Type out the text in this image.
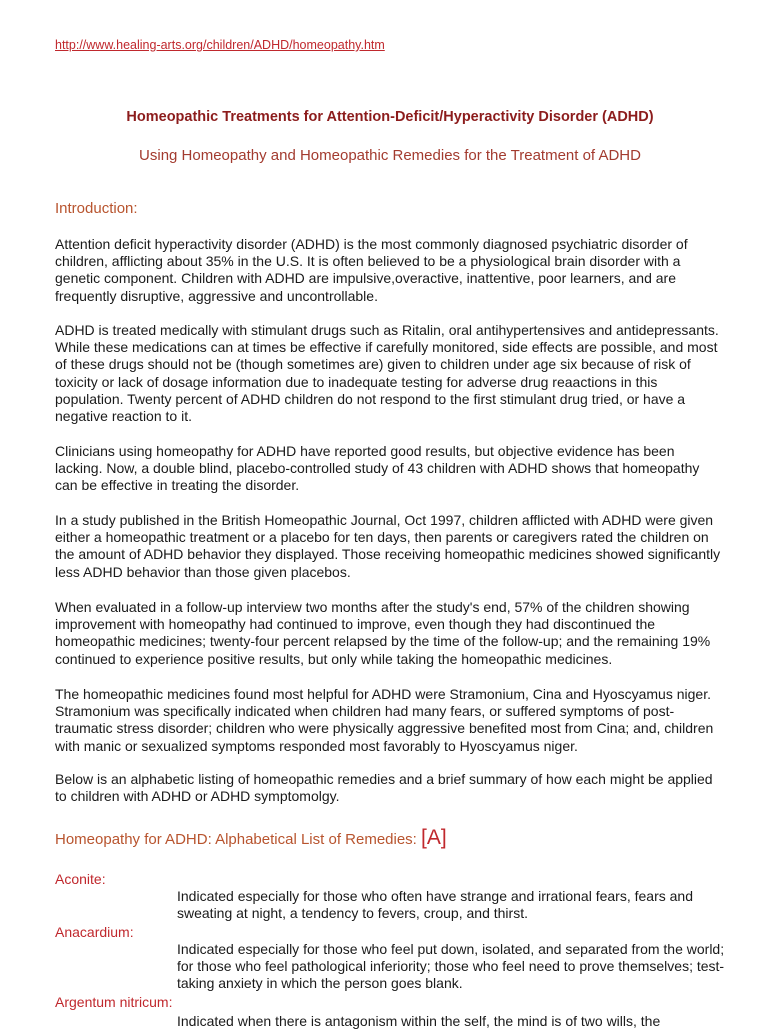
http://www.healing-arts.org/children/ADHD/homeopathy.htm
Homeopathic Treatments for Attention-Deficit/Hyperactivity Disorder (ADHD)
Using Homeopathy and Homeopathic Remedies for the Treatment of ADHD
Introduction:

Attention deficit hyperactivity disorder (ADHD) is the most commonly diagnosed psychiatric disorder of children, afflicting about 35% in the U.S. It is often believed to be a physiological brain disorder with a genetic component. Children with ADHD are impulsive,overactive, inattentive, poor learners, and are frequently disruptive, aggressive and uncontrollable.

ADHD is treated medically with stimulant drugs such as Ritalin, oral antihypertensives and antidepressants. While these medications can at times be effective if carefully monitored, side effects are possible, and most of these drugs should not be (though sometimes are) given to children under age six because of risk of toxicity or lack of dosage information due to inadequate testing for adverse drug reaactions in this population. Twenty percent of ADHD children do not respond to the first stimulant drug tried, or have a negative reaction to it.

Clinicians using homeopathy for ADHD have reported good results, but objective evidence has been lacking. Now, a double blind, placebo-controlled study of 43 children with ADHD shows that homeopathy can be effective in treating the disorder.

In a study published in the British Homeopathic Journal, Oct 1997, children afflicted with ADHD were given either a homeopathic treatment or a placebo for ten days, then parents or caregivers rated the children on the amount of ADHD behavior they displayed. Those receiving homeopathic medicines showed significantly less ADHD behavior than those given placebos.

When evaluated in a follow-up interview two months after the study's end, 57% of the children showing improvement with homeopathy had continued to improve, even though they had discontinued the homeopathic medicines; twenty-four percent relapsed by the time of the follow-up; and the remaining 19% continued to experience positive results, but only while taking the homeopathic medicines.

The homeopathic medicines found most helpful for ADHD were Stramonium, Cina and Hyoscyamus niger. Stramonium was specifically indicated when children had many fears, or suffered symptoms of post-traumatic stress disorder; children who were physically aggressive benefited most from Cina; and, children with manic or sexualized symptoms responded most favorably to Hyoscyamus niger.

Below is an alphabetic listing of homeopathic remedies and a brief summary of how each might be applied to children with ADHD or ADHD symptomolgy.

Homeopathy for ADHD: Alphabetical List of Remedies: [A]
Aconite:

Indicated especially for those who often have strange and irrational fears, fears and sweating at night, a tendency to fevers, croup, and thirst.

Anacardium:

Indicated especially for those who feel put down, isolated, and separated from the world; for those who feel pathological inferiority; those who feel need to prove themselves; test-taking anxiety in which the person goes blank.

Argentum nitricum:

Indicated when there is antagonism within the self, the mind is of two wills, the
